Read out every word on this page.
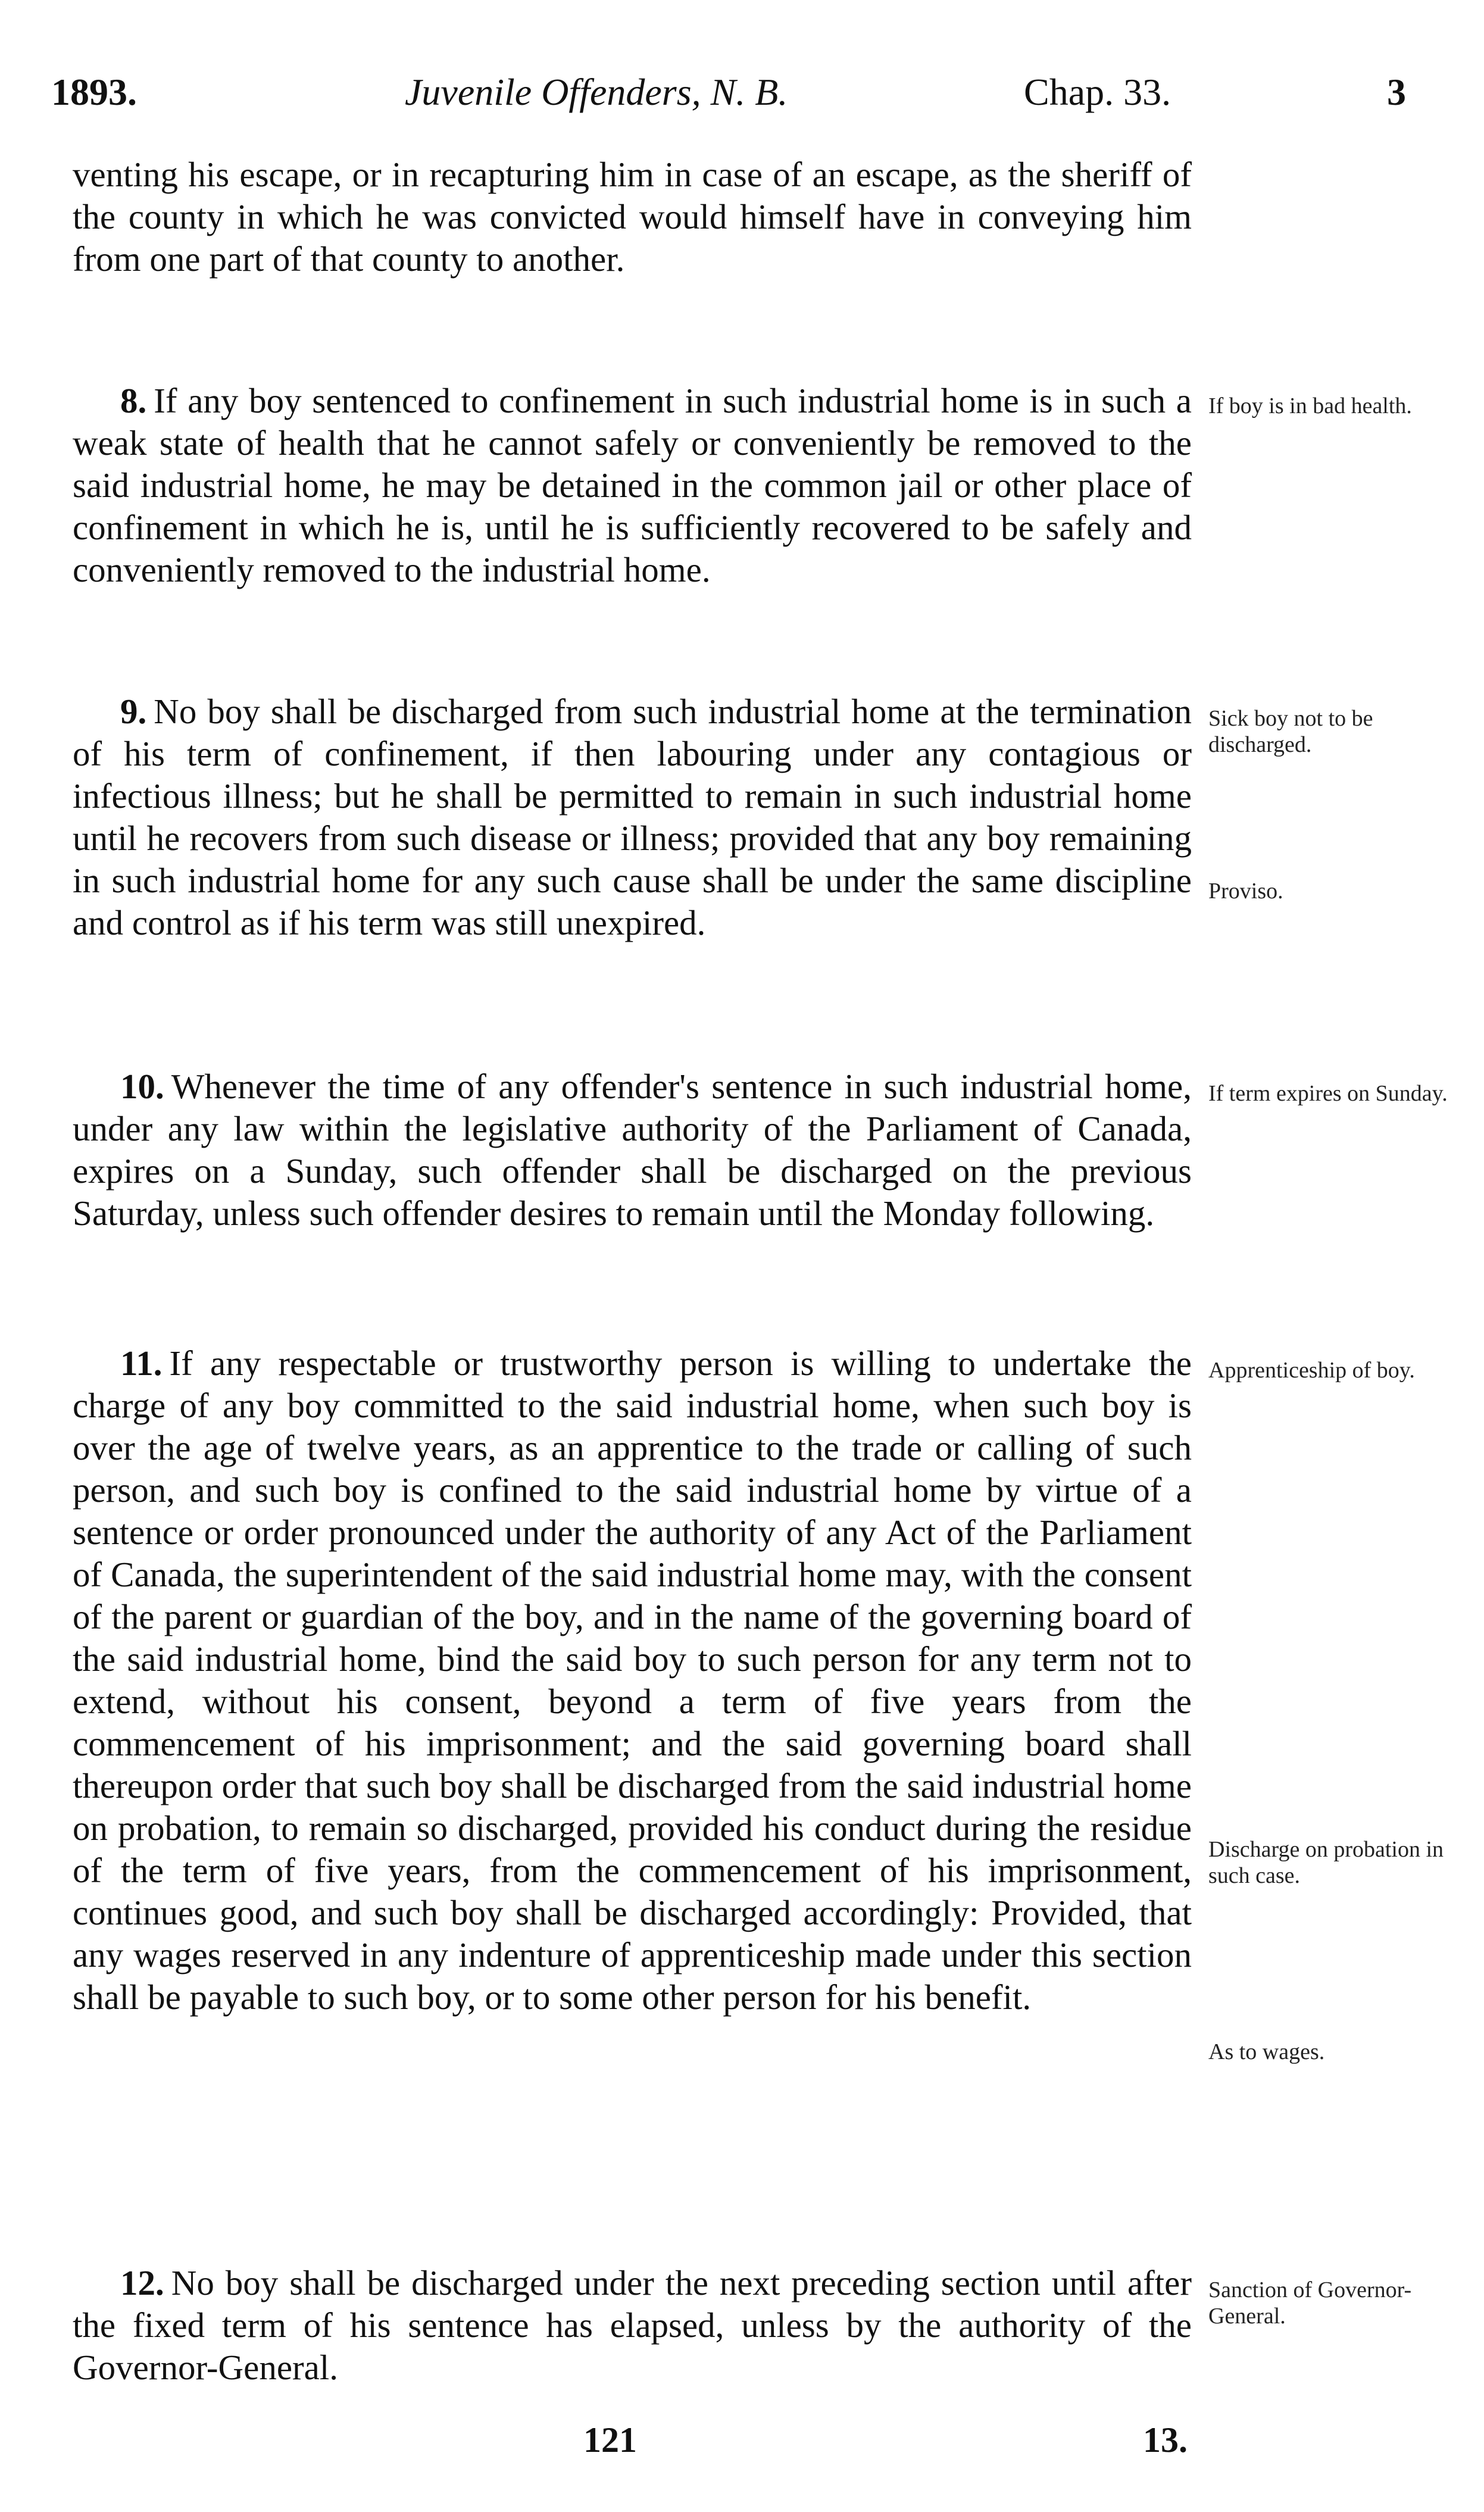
1893.	Juvenile Offenders, N. B.	Chap. 33.	3

venting his escape, or in recapturing him in case of an escape, as the sheriff of the county in which he was convicted would himself have in conveying him from one part of that county to another.

8. If any boy sentenced to confinement in such industrial home is in such a weak state of health that he cannot safely or conveniently be removed to the said industrial home, he may be detained in the common jail or other place of confinement in which he is, until he is sufficiently recovered to be safely and conveniently removed to the industrial home.

If boy is in bad health.

9. No boy shall be discharged from such industrial home at the termination of his term of confinement, if then labouring under any contagious or infectious illness; but he shall be permitted to remain in such industrial home until he recovers from such disease or illness; provided that any boy remaining in such industrial home for any such cause shall be under the same discipline and control as if his term was still unexpired.

Sick boy not to be discharged.
Proviso.

10. Whenever the time of any offender's sentence in such industrial home, under any law within the legislative authority of the Parliament of Canada, expires on a Sunday, such offender shall be discharged on the previous Saturday, unless such offender desires to remain until the Monday following.

If term expires on Sunday.

11. If any respectable or trustworthy person is willing to undertake the charge of any boy committed to the said industrial home, when such boy is over the age of twelve years, as an apprentice to the trade or calling of such person, and such boy is confined to the said industrial home by virtue of a sentence or order pronounced under the authority of any Act of the Parliament of Canada, the superintendent of the said industrial home may, with the consent of the parent or guardian of the boy, and in the name of the governing board of the said industrial home, bind the said boy to such person for any term not to extend, without his consent, beyond a term of five years from the commencement of his imprisonment; and the said governing board shall thereupon order that such boy shall be discharged from the said industrial home on probation, to remain so discharged, provided his conduct during the residue of the term of five years, from the commencement of his imprisonment, continues good, and such boy shall be discharged accordingly: Provided, that any wages reserved in any indenture of apprenticeship made under this section shall be payable to such boy, or to some other person for his benefit.

Apprenticeship of boy.
Discharge on probation in such case.
As to wages.

12. No boy shall be discharged under the next preceding section until after the fixed term of his sentence has elapsed, unless by the authority of the Governor-General.

Sanction of Governor-General.
121	13.
